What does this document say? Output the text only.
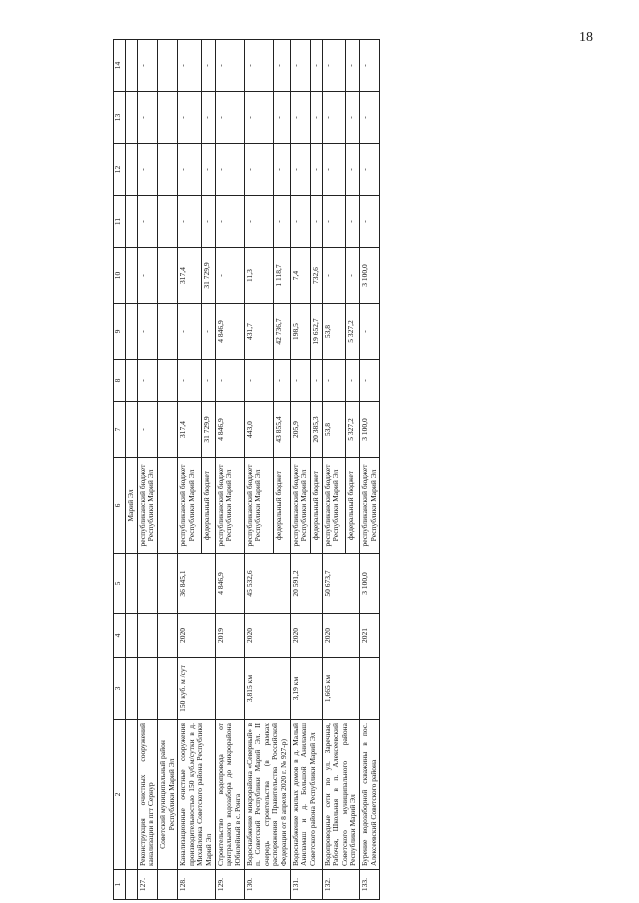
18
1	2	3	4	5	6	7	8	9	10	11	12	13	14
					Марий Эл								
127.	Реконструкция очистных сооружений канализации в пгт Сернур				республиканский бюджет Республики Марий Эл	-	-	-	-	-	-	-	-
	Советский муниципальный район Республики Марий Эл												
128.	Канализационные очистные сооружения производительностью 150 куб.м/сутки в д. Михайловка Советского района Республики Марий Эл	150 куб. м /сут	2020	36 845,1	республиканский бюджет Республики Марий Эл	317,4	-	-	317,4	-	-	-	-
					федеральный бюджет	31 729,9	-	-	31 729,9	-	-	-	-
129.	Строительство водопровода от центрального водозабора до микрорайона Юбилейный в с. Ронга		2019	4 846,9	республиканский бюджет Республики Марий Эл	4 846,9	-	4 846,9	-	-	-	-	-
130.	Водоснабжение микрорайона «Северный» в п. Советский Республики Марий Эл. II очередь строительства (в рамках распоряжения Правительства Российской Федерации от 8 апреля 2020 г. № 927-р)	3,815 км	2020	45 532,6	республиканский бюджет Республики Марий Эл	443,0	-	431,7	11,3	-	-	-	-
					федеральный бюджет	43 855,4	-	42 736,7	1 118,7	-	-	-	-
131.	Водоснабжение жилых домов в д. Малый Аниламаш и д. Большой Аниламаш Советского района Республики Марий Эл	3,19 км	2020	20 591,2	республиканский бюджет Республики Марий Эл	205,9	-	198,5	7,4	-	-	-	-
					федеральный бюджет	20 385,3	-	19 652,7	732,6	-	-	-	-
132.	Водопроводные сети по ул. Заречная, Рабочая, Школьная в п. Алексеевский Советского муниципального района Республики Марий Эл	1,665 км	2020	50 673,7	республиканский бюджет Республики Марий Эл	53,8	-	53,8	-	-	-	-	-
					федеральный бюджет	5 327,2	-	5 327,2	-	-	-	-	-
133.	Бурение водозаборной скважины в пос. Алексеевский Советского района		2021	3 100,0	республиканский бюджет Республики Марий Эл	3 100,0	-	-	3 100,0	-	-	-	-
